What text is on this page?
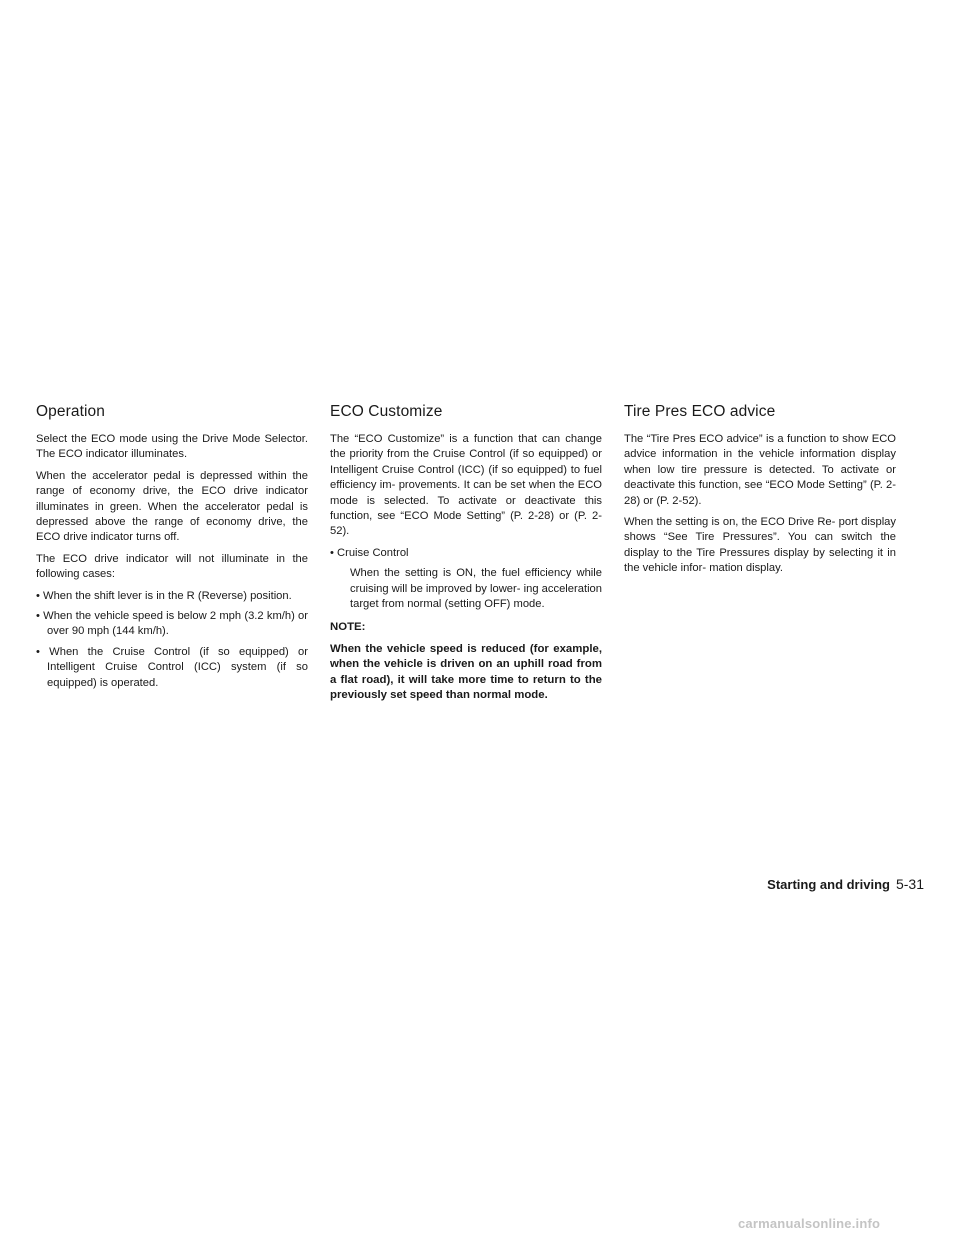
Operation

Select the ECO mode using the Drive Mode Selector. The ECO indicator illuminates.

When the accelerator pedal is depressed within the range of economy drive, the ECO drive indicator illuminates in green. When the accelerator pedal is depressed above the range of economy drive, the ECO drive indicator turns off.

The ECO drive indicator will not illuminate in the following cases:

• When the shift lever is in the R (Reverse) position.

• When the vehicle speed is below 2 mph (3.2 km/h) or over 90 mph (144 km/h).

• When the Cruise Control (if so equipped) or Intelligent Cruise Control (ICC) system (if so equipped) is operated.

ECO Customize

The “ECO Customize” is a function that can change the priority from the Cruise Control (if so equipped) or Intelligent Cruise Control (ICC) (if so equipped) to fuel efficiency im- provements. It can be set when the ECO mode is selected. To activate or deactivate this function, see “ECO Mode Setting” (P. 2-28) or (P. 2-52).

• Cruise Control

When the setting is ON, the fuel efficiency while cruising will be improved by lower- ing acceleration target from normal (setting OFF) mode.

NOTE:

When the vehicle speed is reduced (for example, when the vehicle is driven on an uphill road from a flat road), it will take more time to return to the previously set speed than normal mode.

Tire Pres ECO advice

The “Tire Pres ECO advice” is a function to show ECO advice information in the vehicle information display when low tire pressure is detected. To activate or deactivate this function, see “ECO Mode Setting” (P. 2-28) or (P. 2-52).

When the setting is on, the ECO Drive Re- port display shows “See Tire Pressures”. You can switch the display to the Tire Pressures display by selecting it in the vehicle infor- mation display.

Starting and driving 5-31
carmanualsonline.info
